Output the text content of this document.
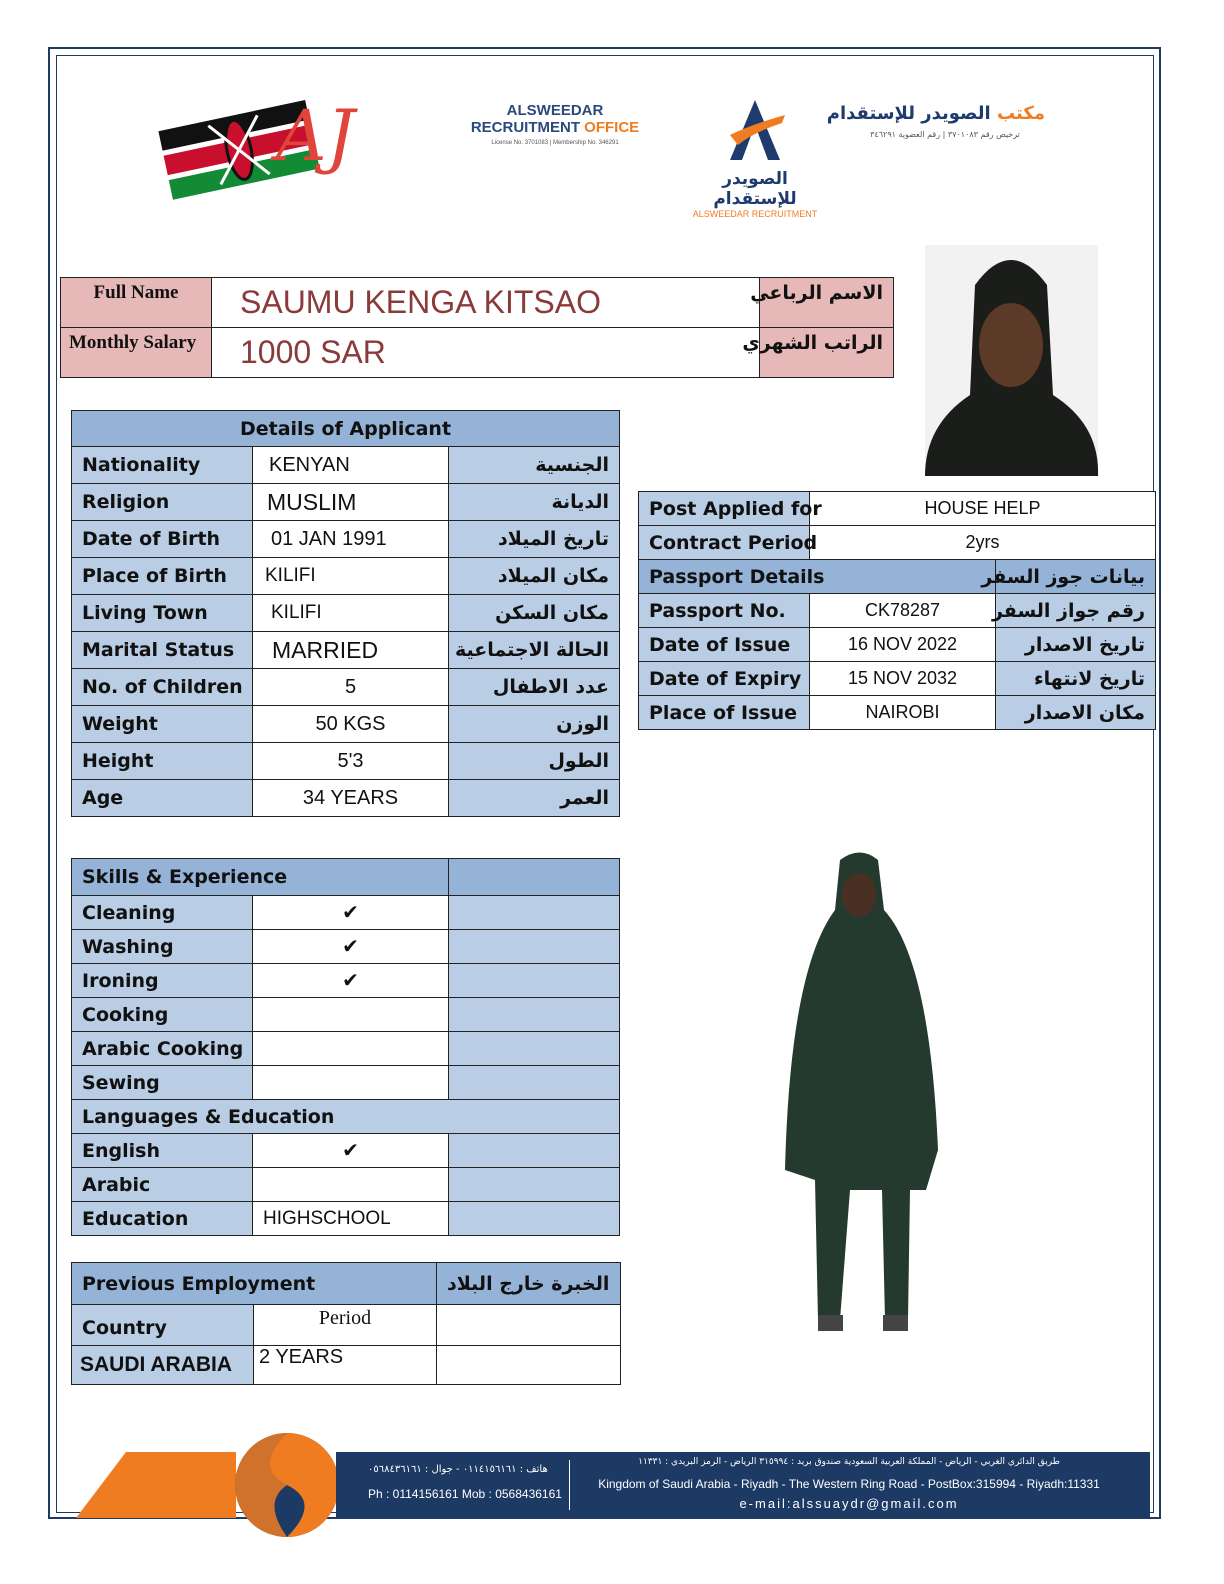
AJ	ALSWEEDAR
RECRUITMENT OFFICE
License No. 3701083 | Membership No. 346291
الصويدر للإستقدام
ALSWEEDAR RECRUITMENT
مكتب الصويدر للإستقدام
ترخيص رقم ٣٧٠١٠٨٣ | رقم العضوية ٣٤٦٢٩١
Full Name	SAUMU KENGA KITSAO	الاسم الرباعي
Monthly Salary	1000 SAR	الراتب الشهري
Details of Applicant		
Nationality	KENYAN	الجنسية
Religion	MUSLIM	الديانة
Date of Birth	01 JAN 1991	تاريخ الميلاد
Place of Birth	KILIFI	مكان الميلاد
Living Town	KILIFI	مكان السكن
Marital Status	MARRIED	الحالة الاجتماعية
No. of Children	5	عدد الاطفال
Weight	50 KGS	الوزن
Height	5'3	الطول
Age	34 YEARS	العمر
Post Applied for	HOUSE HELP	
Contract Period	2yrs	
Passport Details		بيانات جوز السفر
Passport No.	CK78287	رقم جواز السفر
Date of Issue	16 NOV 2022	تاريخ الاصدار
Date of Expiry	15 NOV 2032	تاريخ لانتهاء
Place of Issue	NAIROBI	مكان الاصدار
Skills & Experience		
Cleaning	✔	
Washing	✔	
Ironing	✔	
Cooking		
Arabic Cooking		
Sewing		
Languages & Education		
English	✔	
Arabic		
Education	HIGHSCHOOL	
Previous Employment		الخبرة خارج البلاد
Country	Period	
SAUDI ARABIA	2 YEARS	
هاتف : ٠١١٤١٥٦١٦١ - جوال : ٠٥٦٨٤٣٦١٦١
Ph : 0114156161 Mob : 0568436161
طريق الدائري الغربي - الرياض - المملكة العربية السعودية صندوق بريد : ٣١٥٩٩٤ الرياض - الرمز البريدي : ١١٣٣١
Kingdom of Saudi Arabia - Riyadh - The Western Ring Road - PostBox:315994 - Riyadh:11331
e-mail:alssuaydr@gmail.com
